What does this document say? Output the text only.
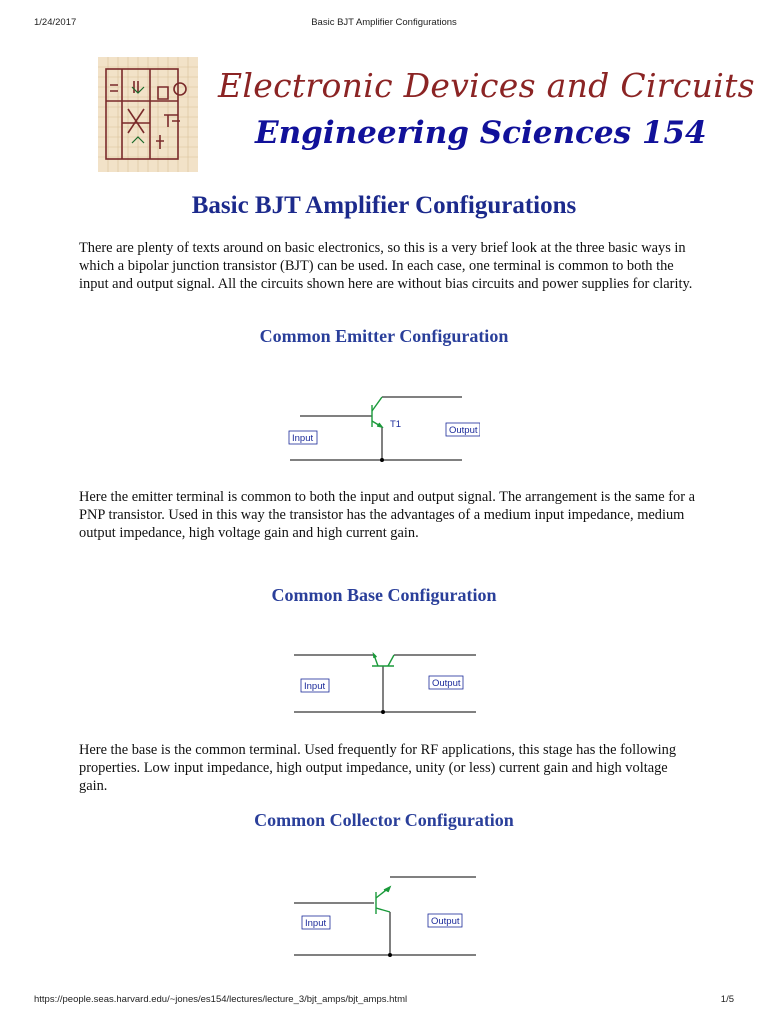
1/24/2017	Basic BJT Amplifier Configurations
Electronic Devices and Circuits
Engineering Sciences 154
Basic BJT Amplifier Configurations
There are plenty of texts around on basic electronics, so this is a very brief look at the three basic ways in which a bipolar junction transistor (BJT) can be used. In each case, one terminal is common to both the input and output signal. All the circuits shown here are without bias circuits and power supplies for clarity.
Common Emitter Configuration
T1
Input
Output
Here the emitter terminal is common to both the input and output signal. The arrangement is the same for a PNP transistor. Used in this way the transistor has the advantages of a medium input impedance, medium output impedance, high voltage gain and high current gain.
Common Base Configuration
Input	Output
Here the base is the common terminal. Used frequently for RF applications, this stage has the following properties. Low input impedance, high output impedance, unity (or less) current gain and high voltage gain.
Common Collector Configuration
Input	Output
https://people.seas.harvard.edu/~jones/es154/lectures/lecture_3/bjt_amps/bjt_amps.html	1/5
